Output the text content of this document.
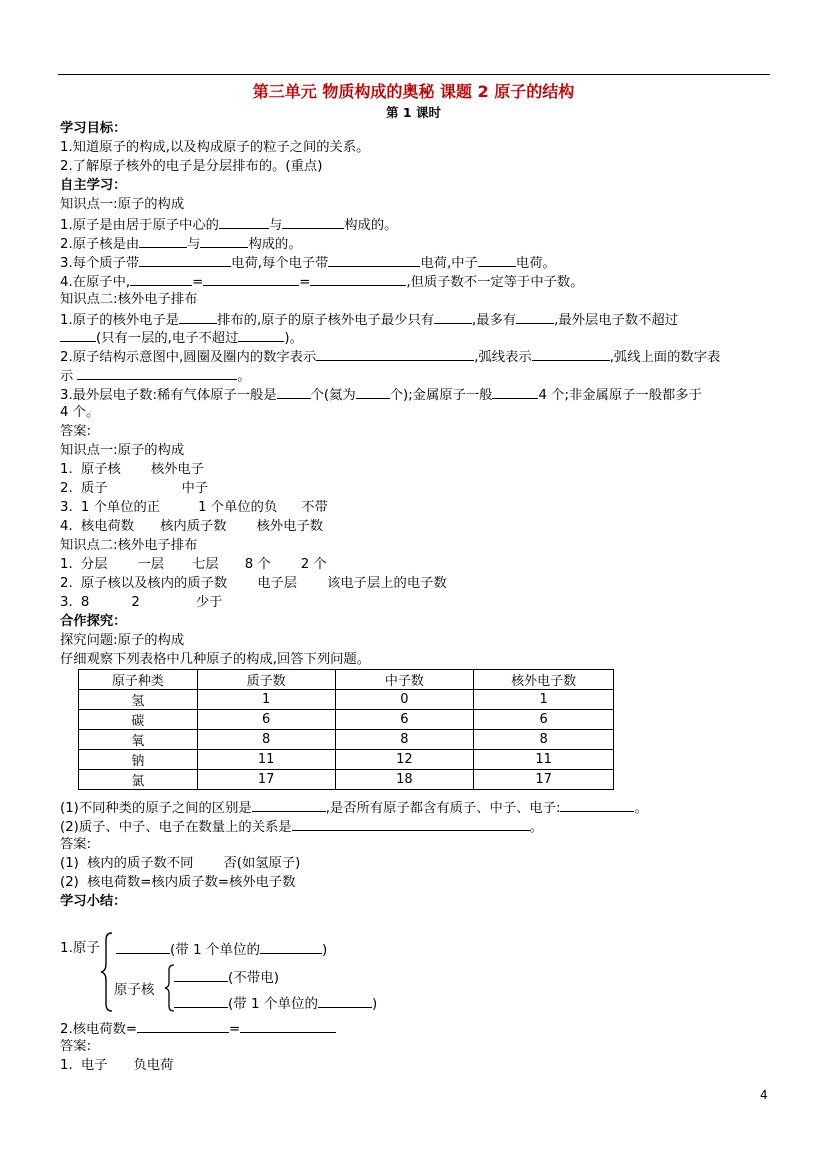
第三单元 物质构成的奥秘 课题 2 原子的结构
第 1 课时
学习目标：
1.知道原子的构成,以及构成原子的粒子之间的关系。
2.了解原子核外的电子是分层排布的。(重点)
自主学习：
知识点一:原子的构成
1.原子是由居于原子中心的	与	构成的。
2.原子核是由	与	构成的。
3.每个质子带	电荷,每个电子带	电荷,中子	电荷。
4.在原子中,	=	=	,但质子数不一定等于中子数。
知识点二:核外电子排布
1.原子的核外电子是	排布的,原子的原子核外电子最少只有	,最多有	,最外层电子数不超过
(只有一层的,电子不超过	)。
2.原子结构示意图中,圆圈及圈内的数字表示	,弧线表示	,弧线上面的数字表
示	。
3.最外层电子数:稀有气体原子一般是	个(氦为	个);金属原子一般	4 个;非金属原子一般都多于
4 个。
答案:
知识点一:原子的构成
1. 原子核 核外电子
2. 质子	中子
3. 1 个单位的正	1 个单位的负 不带
4. 核电荷数 核内质子数 核外电子数
知识点二:核外电子排布
1. 分层 一层 七层 8 个 2 个
2. 原子核以及核内的质子数 电子层 该电子层上的电子数
3. 8	2	少于
合作探究：
探究问题:原子的构成
仔细观察下列表格中几种原子的构成,回答下列问题。
原子种类	质子数	中子数	核外电子数
氢	1	0	1
碳	6	6	6
氧	8	8	8
钠	11	12	11
氯	17	18	17
(1)不同种类的原子之间的区别是	,是否所有原子都含有质子、中子、电子:	。
(2)质子、中子、电子在数量上的关系是	。
答案:
(1) 核内的质子数不同 否(如氢原子)
(2) 核电荷数=核内质子数=核外电子数
学习小结：
1.原子	(带 1 个单位的	)
原子核
(不带电)
(带 1 个单位的	)
2.核电荷数=	=
答案:
1. 电子 负电荷
4
